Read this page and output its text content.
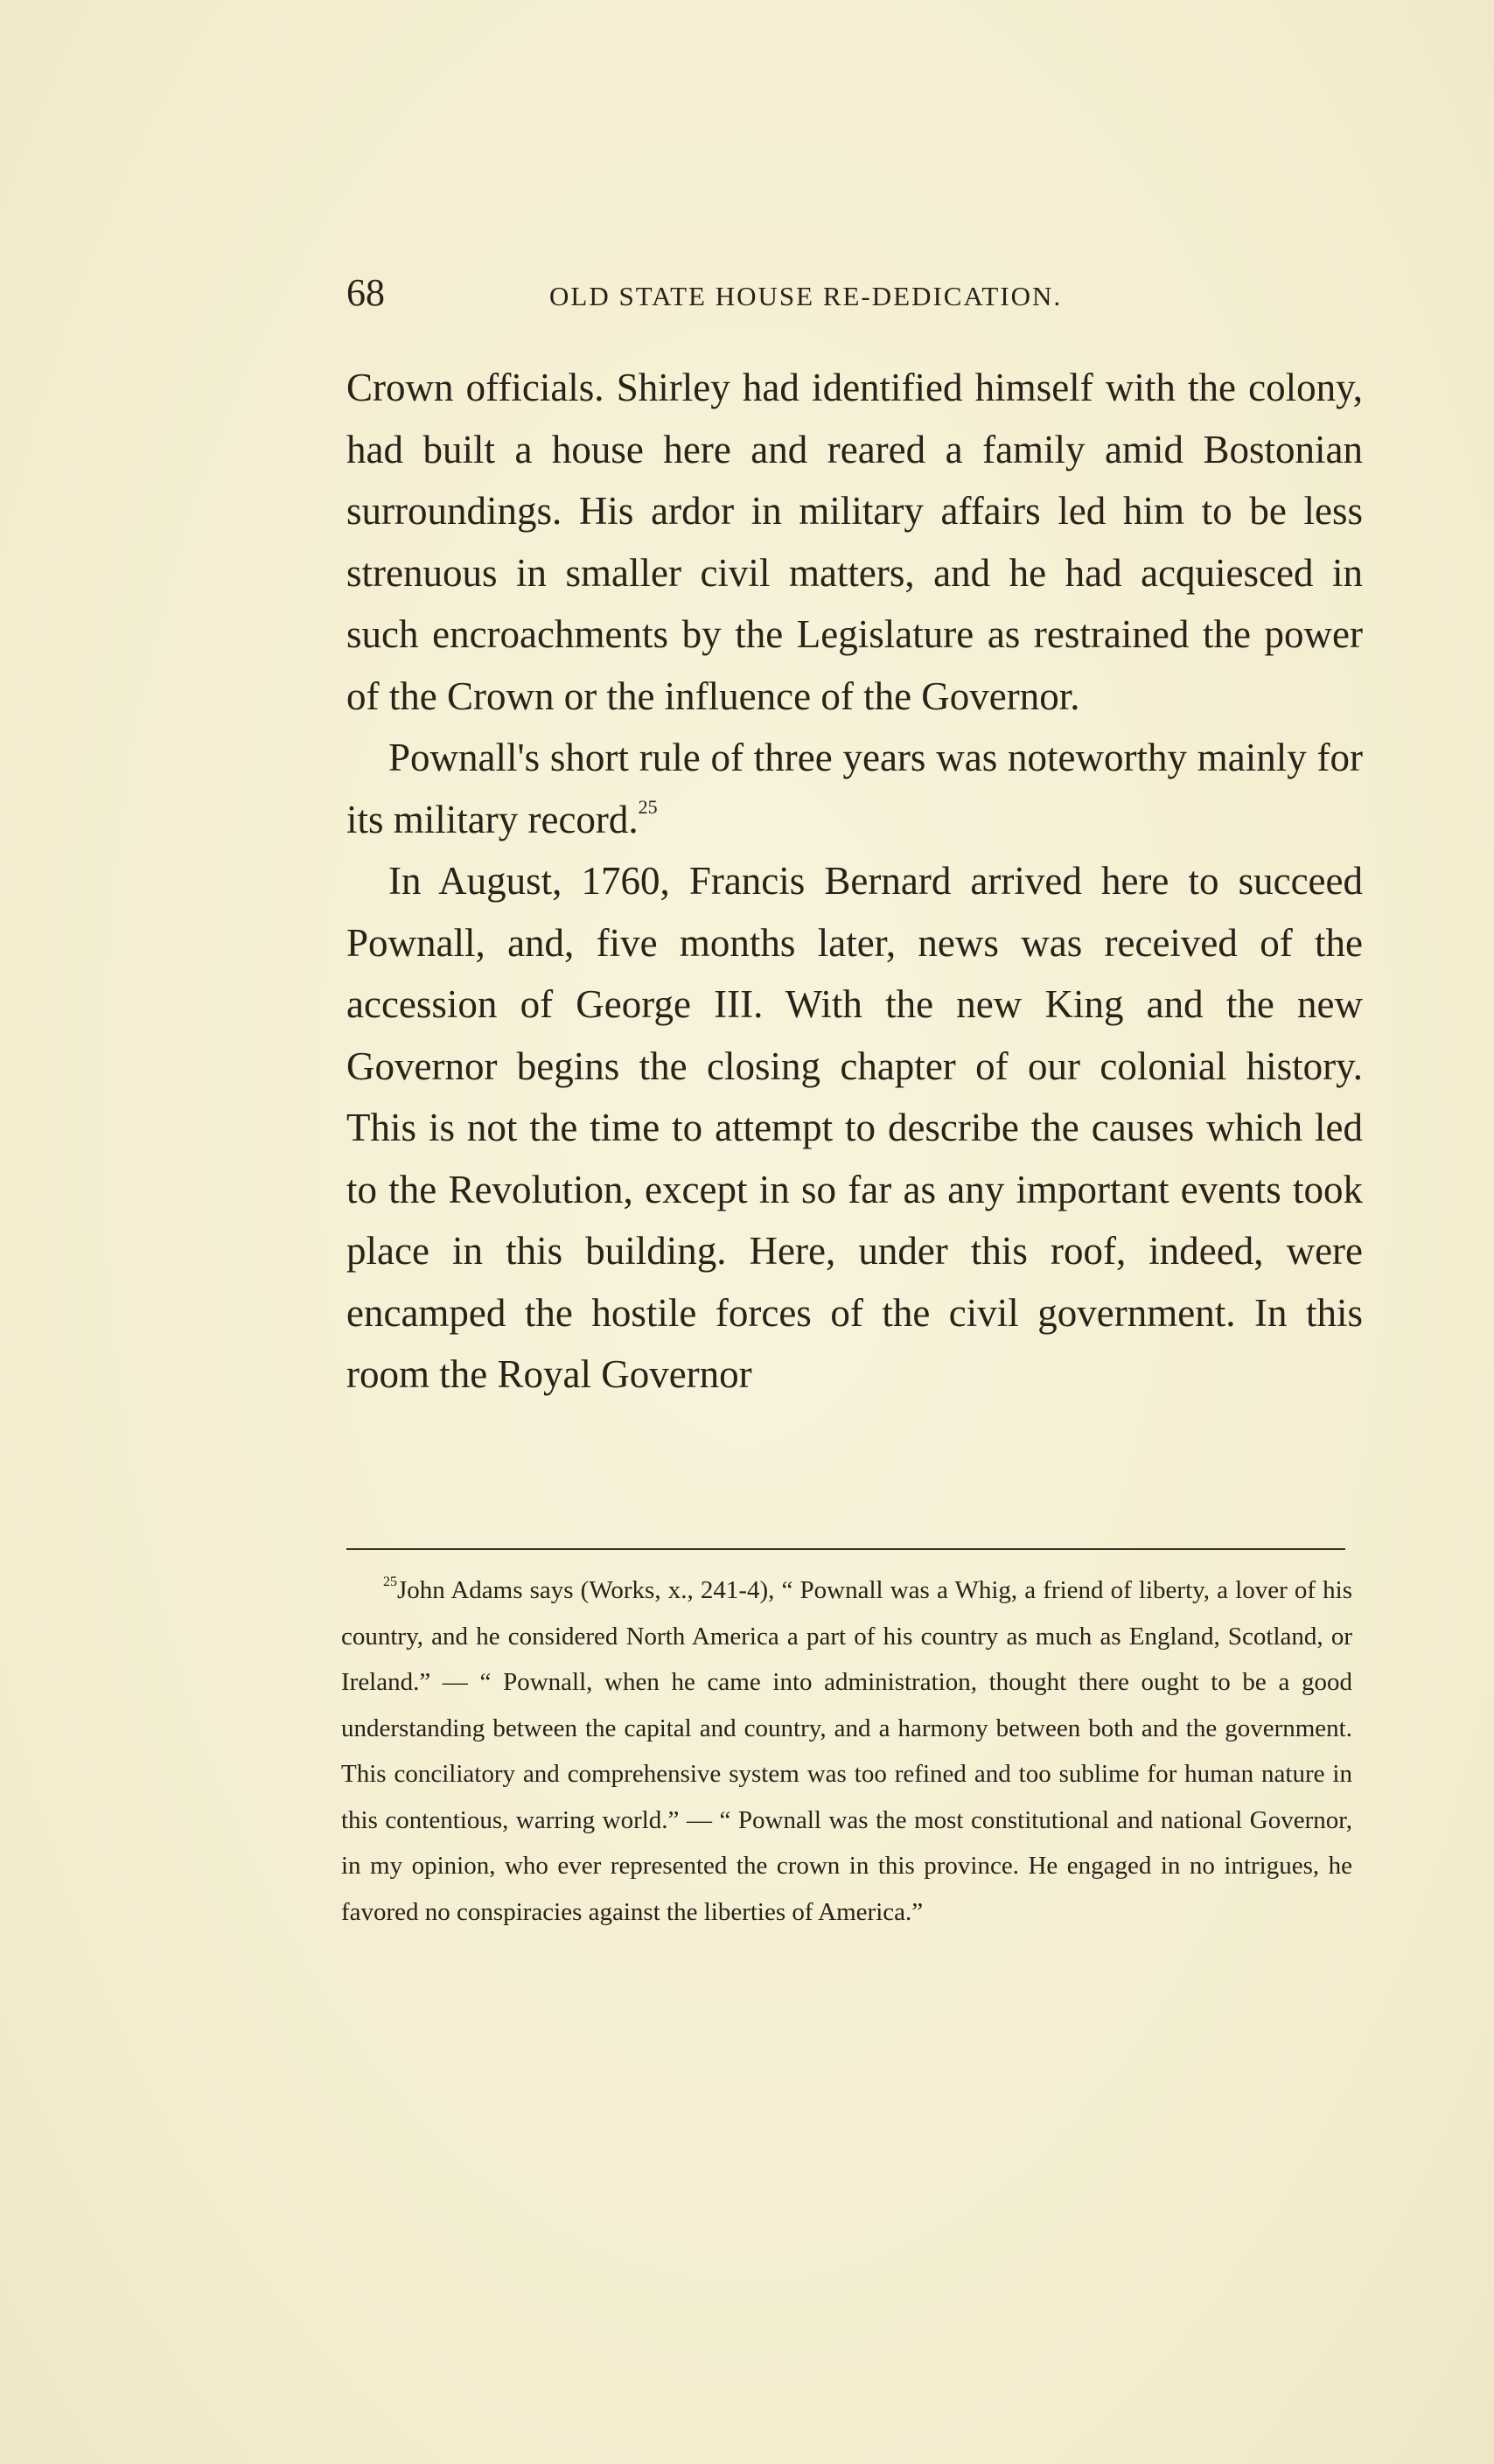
68	OLD STATE HOUSE RE-DEDICATION.

Crown officials. Shirley had identified himself with the colony, had built a house here and reared a family amid Bostonian surroundings. His ardor in military affairs led him to be less strenuous in smaller civil matters, and he had acquiesced in such encroachments by the Legislature as restrained the power of the Crown or the influence of the Governor.

Pownall's short rule of three years was noteworthy mainly for its military record.$^{25}$

In August, 1760, Francis Bernard arrived here to succeed Pownall, and, five months later, news was received of the accession of George III. With the new King and the new Governor begins the closing chapter of our colonial history. This is not the time to attempt to describe the causes which led to the Revolution, except in so far as any important events took place in this building. Here, under this roof, indeed, were encamped the hostile forces of the civil government. In this room the Royal Governor

$^{25}$John Adams says (Works, x., 241-4), “ Pownall was a Whig, a friend of liberty, a lover of his country, and he considered North America a part of his country as much as England, Scotland, or Ireland.” — “ Pownall, when he came into administration, thought there ought to be a good understanding between the capital and country, and a harmony between both and the government. This conciliatory and comprehensive system was too refined and too sublime for human nature in this contentious, warring world.” — “ Pownall was the most constitutional and national Governor, in my opinion, who ever represented the crown in this province. He engaged in no intrigues, he favored no conspiracies against the liberties of America.”
